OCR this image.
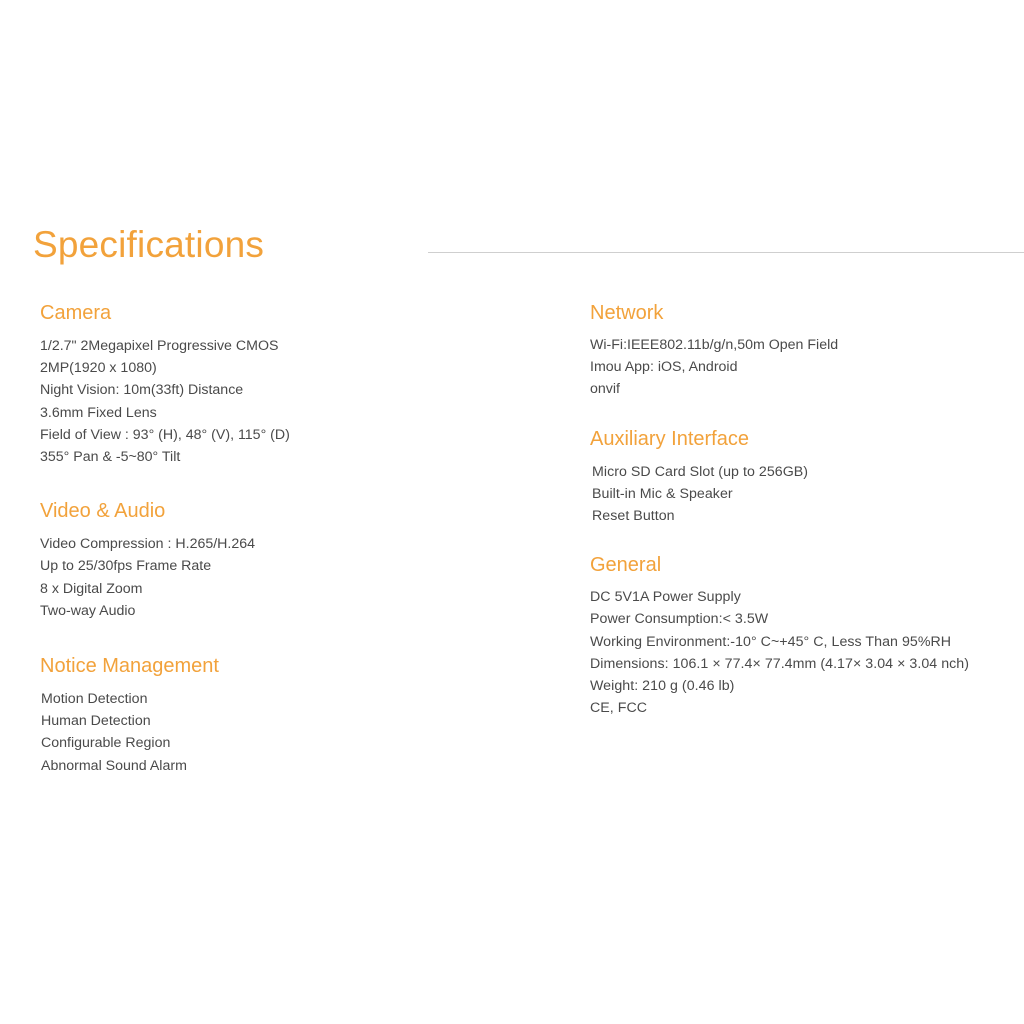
Specifications
Camera
1/2.7" 2Megapixel Progressive CMOS
2MP(1920 x 1080)
Night Vision: 10m(33ft) Distance
3.6mm Fixed Lens
Field of View : 93° (H), 48° (V), 115° (D)
355° Pan & -5~80° Tilt
Video & Audio
Video Compression : H.265/H.264
Up to 25/30fps Frame Rate
8 x Digital Zoom
Two-way Audio
Notice Management
Motion Detection
Human Detection
Configurable Region
Abnormal Sound Alarm
Network
Wi-Fi:IEEE802.11b/g/n,50m Open Field
Imou App: iOS, Android
onvif
Auxiliary Interface
Micro SD Card Slot (up to 256GB)
Built-in Mic & Speaker
Reset Button
General
DC 5V1A Power Supply
Power Consumption:< 3.5W
Working Environment:-10° C~+45° C, Less Than 95%RH
Dimensions: 106.1 × 77.4× 77.4mm (4.17× 3.04 × 3.04 nch)
Weight: 210 g (0.46 lb)
CE, FCC
